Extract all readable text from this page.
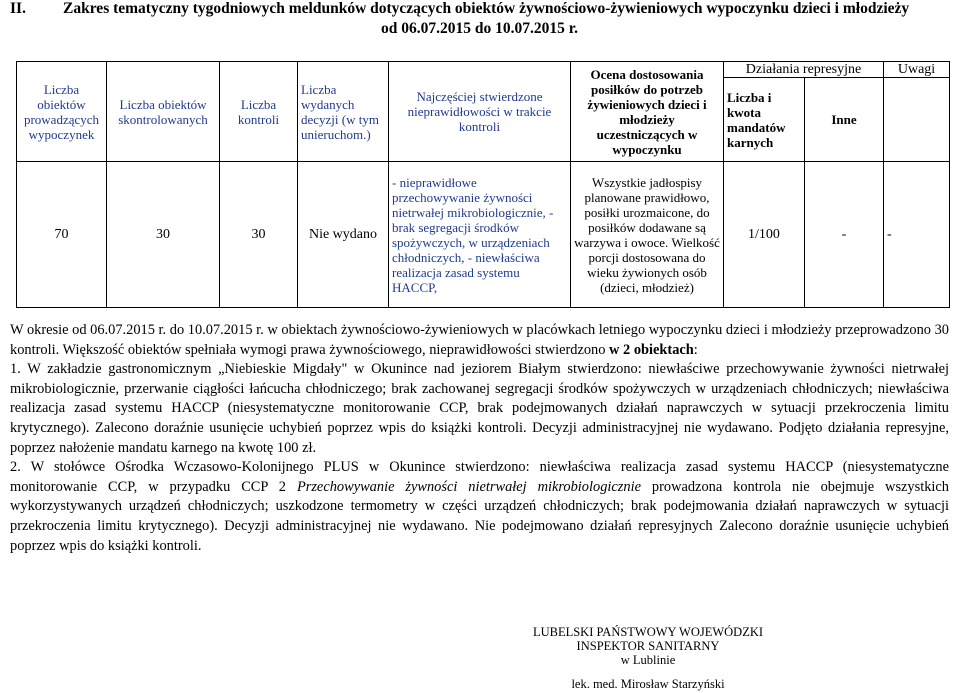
II. Zakres tematyczny tygodniowych meldunków dotyczących obiektów żywnościowo-żywieniowych wypoczynku dzieci i młodzieży
od 06.07.2015 do 10.07.2015 r.
Liczba obiektów prowadzących wypoczynek	Liczba obiektów skontrolowanych	Liczba kontroli	Liczba wydanych decyzji (w tym unieruchom.)	Najczęściej stwierdzone nieprawidłowości w trakcie kontroli	Ocena dostosowania posiłków do potrzeb żywieniowych dzieci i młodzieży uczestniczących w wypoczynku	Działania represyjne		Uwagi
						Liczba i kwota mandatów karnych	Inne	
70	30	30	Nie wydano	- nieprawidłowe przechowywanie żywności nietrwałej mikrobiologicznie, - brak segregacji środków spożywczych, w urządzeniach chłodniczych, - niewłaściwa realizacja zasad systemu HACCP,	Wszystkie jadłospisy planowane prawidłowo, posiłki urozmaicone, do posiłków dodawane są warzywa i owoce. Wielkość porcji dostosowana do wieku żywionych osób (dzieci, młodzież)	1/100	-	-

W okresie od 06.07.2015 r. do 10.07.2015 r. w obiektach żywnościowo-żywieniowych w placówkach letniego wypoczynku dzieci i młodzieży przeprowadzono 30 kontroli. Większość obiektów spełniała wymogi prawa żywnościowego, nieprawidłowości stwierdzono w 2 obiektach:

1. W zakładzie gastronomicznym „Niebieskie Migdały" w Okunince nad jeziorem Białym stwierdzono: niewłaściwe przechowywanie żywności nietrwałej mikrobiologicznie, przerwanie ciągłości łańcucha chłodniczego; brak zachowanej segregacji środków spożywczych w urządzeniach chłodniczych; niewłaściwa realizacja zasad systemu HACCP (niesystematyczne monitorowanie CCP, brak podejmowanych działań naprawczych w sytuacji przekroczenia limitu krytycznego). Zalecono doraźnie usunięcie uchybień poprzez wpis do książki kontroli. Decyzji administracyjnej nie wydawano. Podjęto działania represyjne, poprzez nałożenie mandatu karnego na kwotę 100 zł.

2. W stołówce Ośrodka Wczasowo-Kolonijnego PLUS w Okunince stwierdzono: niewłaściwa realizacja zasad systemu HACCP (niesystematyczne monitorowanie CCP, w przypadku CCP 2 Przechowywanie żywności nietrwałej mikrobiologicznie prowadzona kontrola nie obejmuje wszystkich wykorzystywanych urządzeń chłodniczych; uszkodzone termometry w części urządzeń chłodniczych; brak podejmowania działań naprawczych w sytuacji przekroczenia limitu krytycznego). Decyzji administracyjnej nie wydawano. Nie podejmowano działań represyjnych Zalecono doraźnie usunięcie uchybień poprzez wpis do książki kontroli.

LUBELSKI PAŃSTWOWY WOJEWÓDZKI
INSPEKTOR SANITARNY
w Lublinie
lek. med. Mirosław Starzyński
